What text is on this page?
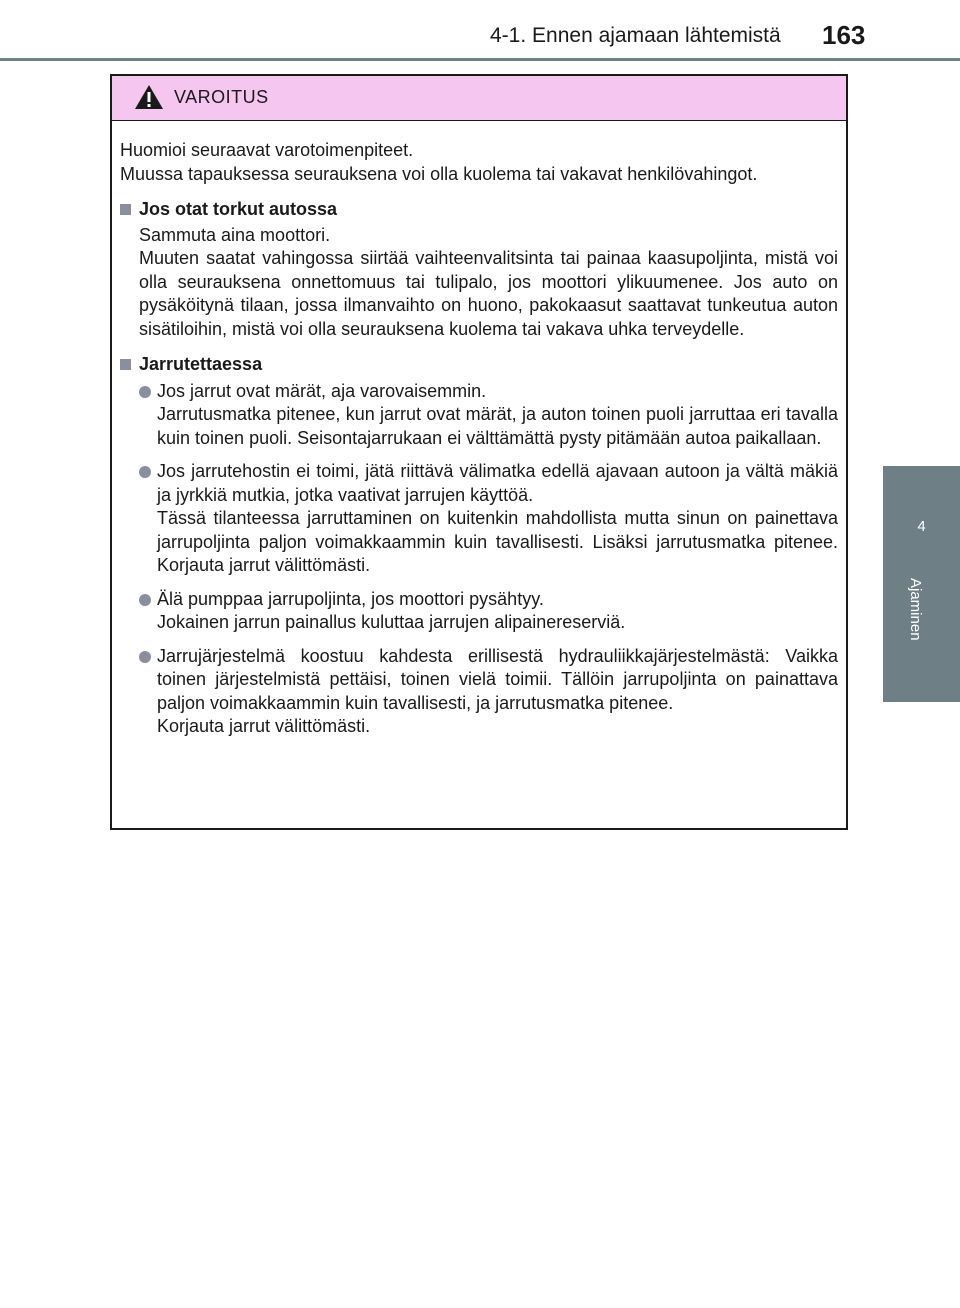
4-1. Ennen ajamaan lähtemistä	163
4
Ajaminen
VAROITUS

Huomioi seuraavat varotoimenpiteet.

Muussa tapauksessa seurauksena voi olla kuolema tai vakavat henkilövahingot.

Jos otat torkut autossa

Sammuta aina moottori.

Muuten saatat vahingossa siirtää vaihteenvalitsinta tai painaa kaasupoljinta, mistä voi olla seurauksena onnettomuus tai tulipalo, jos moottori ylikuumenee. Jos auto on pysäköitynä tilaan, jossa ilmanvaihto on huono, pakokaasut saattavat tunkeutua auton sisätiloihin, mistä voi olla seurauksena kuolema tai vakava uhka terveydelle.

Jarrutettaessa

Jos jarrut ovat märät, aja varovaisemmin.

Jarrutusmatka pitenee, kun jarrut ovat märät, ja auton toinen puoli jarruttaa eri tavalla kuin toinen puoli. Seisontajarrukaan ei välttämättä pysty pitämään autoa paikallaan.

Jos jarrutehostin ei toimi, jätä riittävä välimatka edellä ajavaan autoon ja vältä mäkiä ja jyrkkiä mutkia, jotka vaativat jarrujen käyttöä.

Tässä tilanteessa jarruttaminen on kuitenkin mahdollista mutta sinun on painettava jarrupoljinta paljon voimakkaammin kuin tavallisesti. Lisäksi jarrutusmatka pitenee. Korjauta jarrut välittömästi.

Älä pumppaa jarrupoljinta, jos moottori pysähtyy.

Jokainen jarrun painallus kuluttaa jarrujen alipainereserviä.

Jarrujärjestelmä koostuu kahdesta erillisestä hydrauliikkajärjestelmästä: Vaikka toinen järjestelmistä pettäisi, toinen vielä toimii. Tällöin jarrupoljinta on painattava paljon voimakkaammin kuin tavallisesti, ja jarrutusmatka pitenee.

Korjauta jarrut välittömästi.
